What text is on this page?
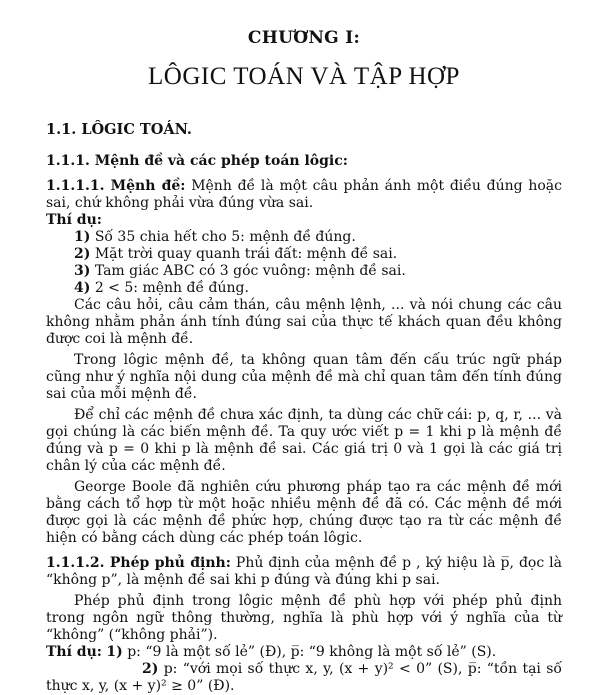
CHƯƠNG I:
LÔGIC TOÁN VÀ TẬP HỢP
1.1. LÔGIC TOÁN.
1.1.1. Mệnh đề và các phép toán lôgic:
1.1.1.1. Mệnh đề: Mệnh đề là một câu phản ánh một điều đúng hoặc sai, chứ không phải vừa đúng vừa sai.
Thí dụ:
1) Số 35 chia hết cho 5: mệnh đề đúng.
2) Mặt trời quay quanh trái đất: mệnh đề sai.
3) Tam giác ABC có 3 góc vuông: mệnh đề sai.
4) 2 < 5: mệnh đề đúng.
Các câu hỏi, câu cảm thán, câu mệnh lệnh, ... và nói chung các câu không nhằm phản ánh tính đúng sai của thực tế khách quan đều không được coi là mệnh đề.
Trong lôgic mệnh đề, ta không quan tâm đến cấu trúc ngữ pháp cũng như ý nghĩa nội dung của mệnh đề mà chỉ quan tâm đến tính đúng sai của mỗi mệnh đề.
Để chỉ các mệnh đề chưa xác định, ta dùng các chữ cái: p, q, r, ... và gọi chúng là các biến mệnh đề. Ta quy ước viết p = 1 khi p là mệnh đề đúng và p = 0 khi p là mệnh đề sai. Các giá trị 0 và 1 gọi là các giá trị chân lý của các mệnh đề.
George Boole đã nghiên cứu phương pháp tạo ra các mệnh đề mới bằng cách tổ hợp từ một hoặc nhiều mệnh đề đã có. Các mệnh đề mới được gọi là các mệnh đề phức hợp, chúng được tạo ra từ các mệnh đề hiện có bằng cách dùng các phép toán lôgic.
1.1.1.2. Phép phủ định: Phủ định của mệnh đề p , ký hiệu là p̅, đọc là “không p”, là mệnh đề sai khi p đúng và đúng khi p sai.
Phép phủ định trong lôgic mệnh đề phù hợp với phép phủ định trong ngôn ngữ thông thường, nghĩa là phù hợp với ý nghĩa của từ “không” (“không phải”).
Thí dụ: 1) p: “9 là một số lẻ” (Đ), p̅: “9 không là một số lẻ” (S).
2) p: “với mọi số thực x, y, (x + y)² < 0” (S), p̅: “tồn tại số thực x, y, (x + y)² ≥ 0” (Đ).
